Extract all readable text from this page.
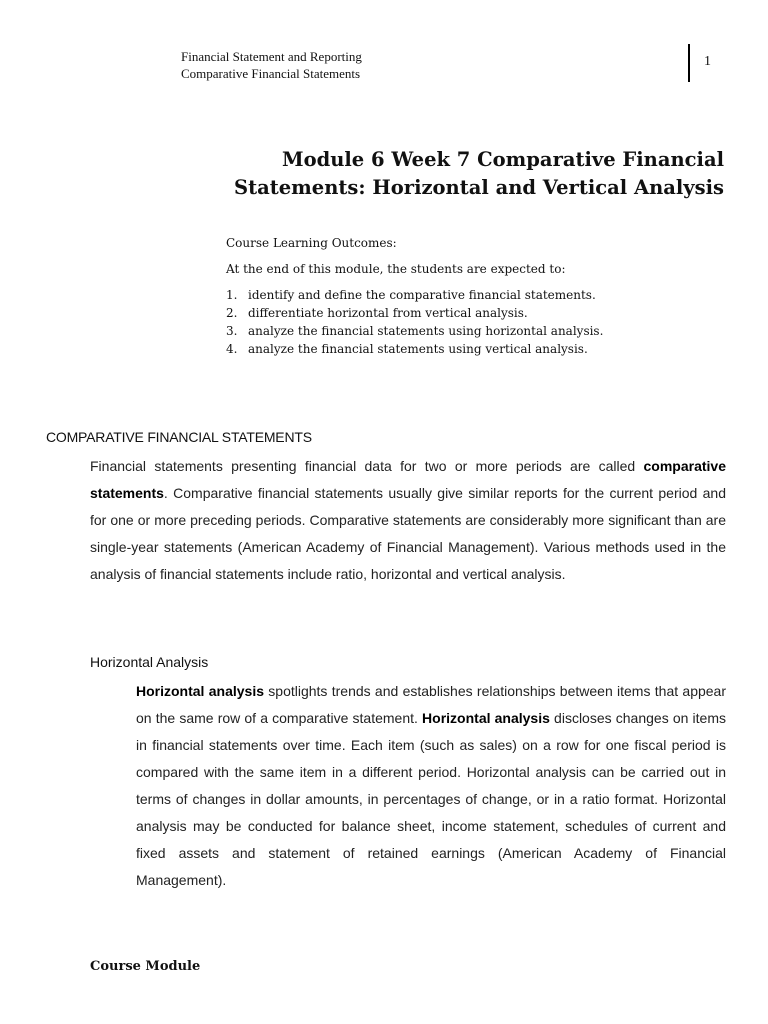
Financial Statement and Reporting
Comparative Financial Statements
1
Module 6 Week 7 Comparative Financial
Statements: Horizontal and Vertical Analysis
Course Learning Outcomes:
At the end of this module, the students are expected to:
1. identify and define the comparative financial statements.
2. differentiate horizontal from vertical analysis.
3. analyze the financial statements using horizontal analysis.
4. analyze the financial statements using vertical analysis.
COMPARATIVE FINANCIAL STATEMENTS
Financial statements presenting financial data for two or more periods are called comparative statements. Comparative financial statements usually give similar reports for the current period and for one or more preceding periods. Comparative statements are considerably more significant than are single-year statements (American Academy of Financial Management). Various methods used in the analysis of financial statements include ratio, horizontal and vertical analysis.
Horizontal Analysis
Horizontal analysis spotlights trends and establishes relationships between items that appear on the same row of a comparative statement. Horizontal analysis discloses changes on items in financial statements over time. Each item (such as sales) on a row for one fiscal period is compared with the same item in a different period. Horizontal analysis can be carried out in terms of changes in dollar amounts, in percentages of change, or in a ratio format. Horizontal analysis may be conducted for balance sheet, income statement, schedules of current and fixed assets and statement of retained earnings (American Academy of Financial Management).
Course Module
